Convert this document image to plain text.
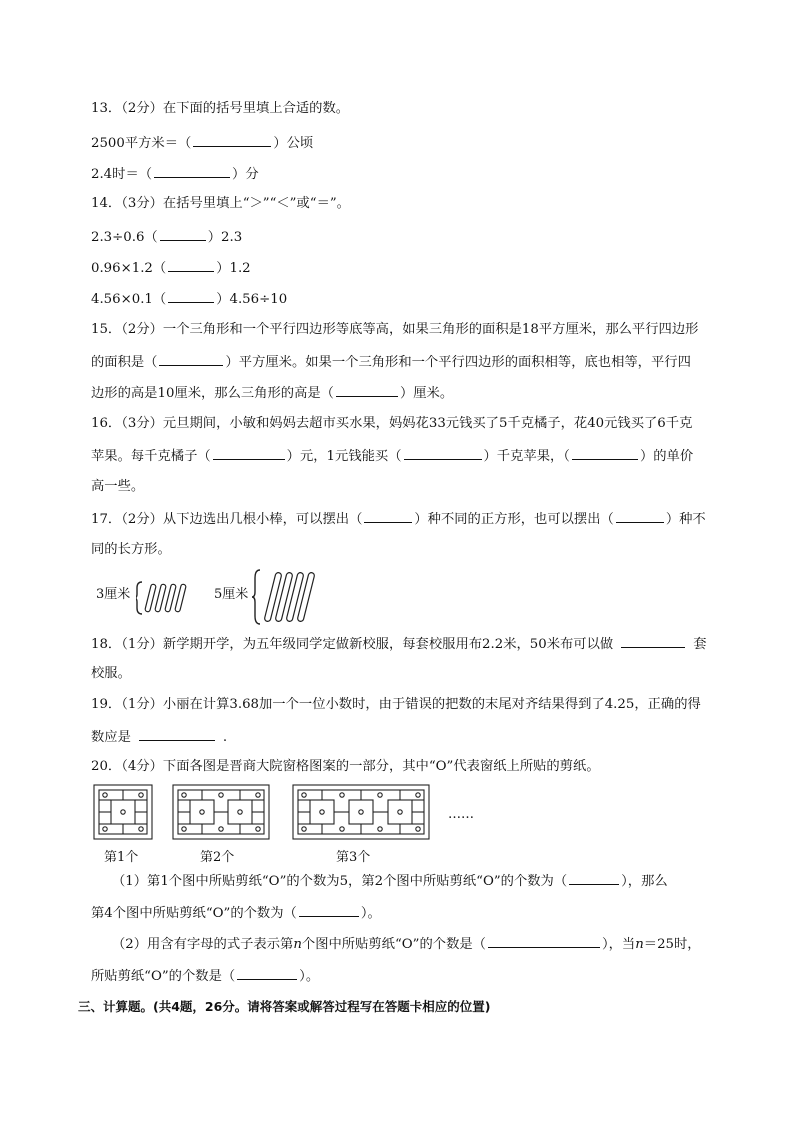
13．（2分）在下面的括号里填上合适的数。
2500平方米＝（	）公顷
2.4时＝（	）分
14．（3分）在括号里填上“＞”“＜”或“＝”。
2.3÷0.6（	）2.3
0.96×1.2（	）1.2
4.56×0.1（	）4.56÷10
15．（2分）一个三角形和一个平行四边形等底等高，如果三角形的面积是18平方厘米，那么平行四边形
的面积是（	）平方厘米。如果一个三角形和一个平行四边形的面积相等，底也相等，平行四
边形的高是10厘米，那么三角形的高是（	）厘米。
16．（3分）元旦期间，小敏和妈妈去超市买水果，妈妈花33元钱买了5千克橘子，花40元钱买了6千克
苹果。每千克橘子（	）元，1元钱能买（	）千克苹果，（	）的单价
高一些。
17．（2分）从下边选出几根小棒，可以摆出（	）种不同的正方形，也可以摆出（	）种不
同的长方形。
3厘米	5厘米
18．（1分）新学期开学，为五年级同学定做新校服，每套校服用布2.2米，50米布可以做	套
校服。
19．（1分）小丽在计算3.68加一个一位小数时，由于错误的把数的末尾对齐结果得到了4.25，正确的得
数应是	.
20．（4分）下面各图是晋商大院窗格图案的一部分，其中“O”代表窗纸上所贴的剪纸。
……
第1个	第2个	第3个
（1）第1个图中所贴剪纸“O”的个数为5，第2个图中所贴剪纸“O”的个数为（	），那么
第4个图中所贴剪纸“O”的个数为（	）。
（2）用含有字母的式子表示第n个图中所贴剪纸“O”的个数是（	），当n＝25时，
所贴剪纸“O”的个数是（	）。
三、计算题。(共4题，26分。请将答案或解答过程写在答题卡相应的位置)
